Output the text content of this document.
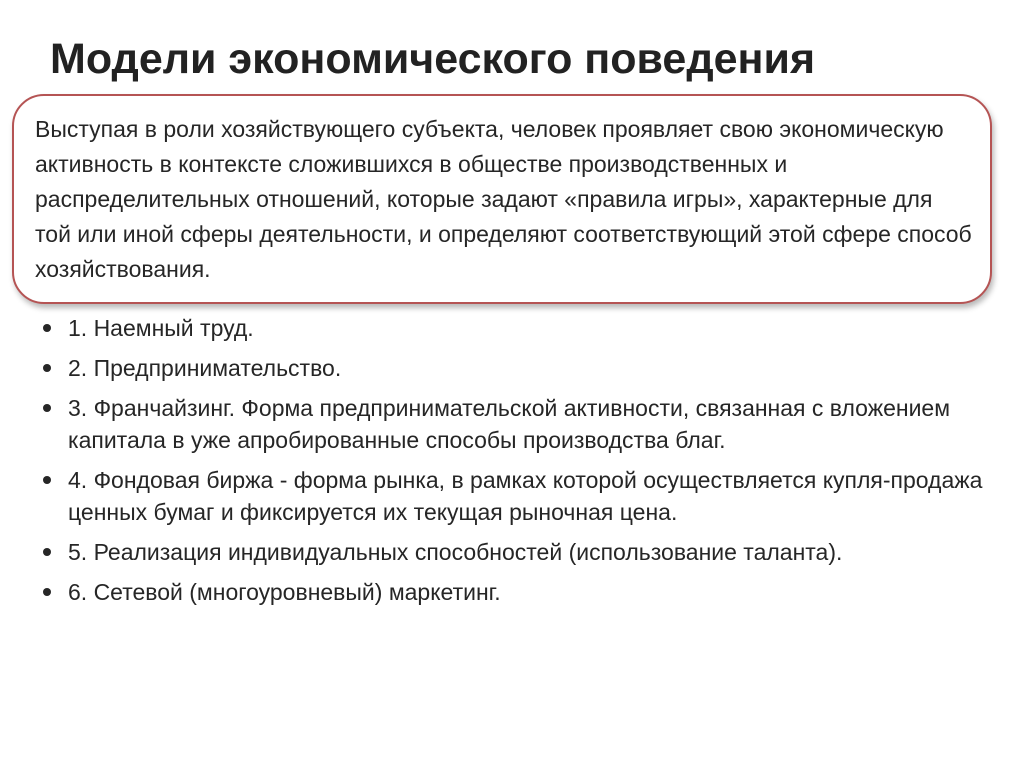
Модели экономического поведения

Выступая в роли хозяйствующего субъекта, человек проявляет свою экономическую активность в контексте сложившихся в обществе производственных и распределительных отношений, которые задают «правила игры», характерные для той или иной сферы деятельности, и определяют соответствующий этой сфере способ хозяйствования.

1. Наемный труд.
2. Предпринимательство.
3. Франчайзинг. Форма предпринимательской активности, связанная с вложением капитала в уже апробированные способы производства благ.
4. Фондовая биржа - форма рынка, в рамках которой осуществляется купля-продажа ценных бумаг и фиксируется их текущая рыночная цена.
5. Реализация индивидуальных способностей (использование таланта).
6. Сетевой (многоуровневый) маркетинг.
